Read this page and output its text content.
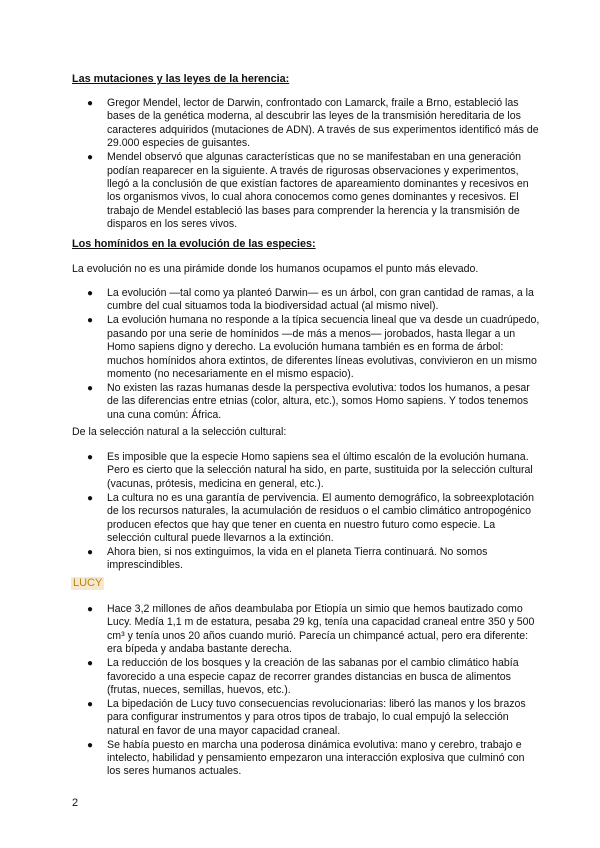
Las mutaciones y las leyes de la herencia:

● Gregor Mendel, lector de Darwin, confrontado con Lamarck, fraile a Brno, estableció las bases de la genética moderna, al descubrir las leyes de la transmisión hereditaria de los caracteres adquiridos (mutaciones de ADN). A través de sus experimentos identificó más de 29.000 especies de guisantes.
● Mendel observó que algunas características que no se manifestaban en una generación podían reaparecer en la siguiente. A través de rigurosas observaciones y experimentos, llegó a la conclusión de que existían factores de apareamiento dominantes y recesivos en los organismos vivos, lo cual ahora conocemos como genes dominantes y recesivos. El trabajo de Mendel estableció las bases para comprender la herencia y la transmisión de disparos en los seres vivos.

Los homínidos en la evolución de las especies:

La evolución no es una pirámide donde los humanos ocupamos el punto más elevado.

● La evolución —tal como ya planteó Darwin— es un árbol, con gran cantidad de ramas, a la cumbre del cual situamos toda la biodiversidad actual (al mismo nivel).
● La evolución humana no responde a la típica secuencia lineal que va desde un cuadrúpedo, pasando por una serie de homínidos —de más a menos— jorobados, hasta llegar a un Homo sapiens digno y derecho. La evolución humana también es en forma de árbol: muchos homínidos ahora extintos, de diferentes líneas evolutivas, convivieron en un mismo momento (no necesariamente en el mismo espacio).
● No existen las razas humanas desde la perspectiva evolutiva: todos los humanos, a pesar de las diferencias entre etnias (color, altura, etc.), somos Homo sapiens. Y todos tenemos una cuna común: África.

De la selección natural a la selección cultural:

● Es imposible que la especie Homo sapiens sea el último escalón de la evolución humana. Pero es cierto que la selección natural ha sido, en parte, sustituida por la selección cultural (vacunas, prótesis, medicina en general, etc.).
● La cultura no es una garantía de pervivencia. El aumento demográfico, la sobreexplotación de los recursos naturales, la acumulación de residuos o el cambio climático antropogénico producen efectos que hay que tener en cuenta en nuestro futuro como especie. La selección cultural puede llevarnos a la extinción.
● Ahora bien, si nos extinguimos, la vida en el planeta Tierra continuará. No somos imprescindibles.

LUCY

● Hace 3,2 millones de años deambulaba por Etiopía un simio que hemos bautizado como Lucy. Medía 1,1 m de estatura, pesaba 29 kg, tenía una capacidad craneal entre 350 y 500 cm³ y tenía unos 20 años cuando murió. Parecía un chimpancé actual, pero era diferente: era bípeda y andaba bastante derecha.
● La reducción de los bosques y la creación de las sabanas por el cambio climático había favorecido a una especie capaz de recorrer grandes distancias en busca de alimentos (frutas, nueces, semillas, huevos, etc.).
● La bipedación de Lucy tuvo consecuencias revolucionarias: liberó las manos y los brazos para configurar instrumentos y para otros tipos de trabajo, lo cual empujó la selección natural en favor de una mayor capacidad craneal.
● Se había puesto en marcha una poderosa dinámica evolutiva: mano y cerebro, trabajo e intelecto, habilidad y pensamiento empezaron una interacción explosiva que culminó con los seres humanos actuales.

2
